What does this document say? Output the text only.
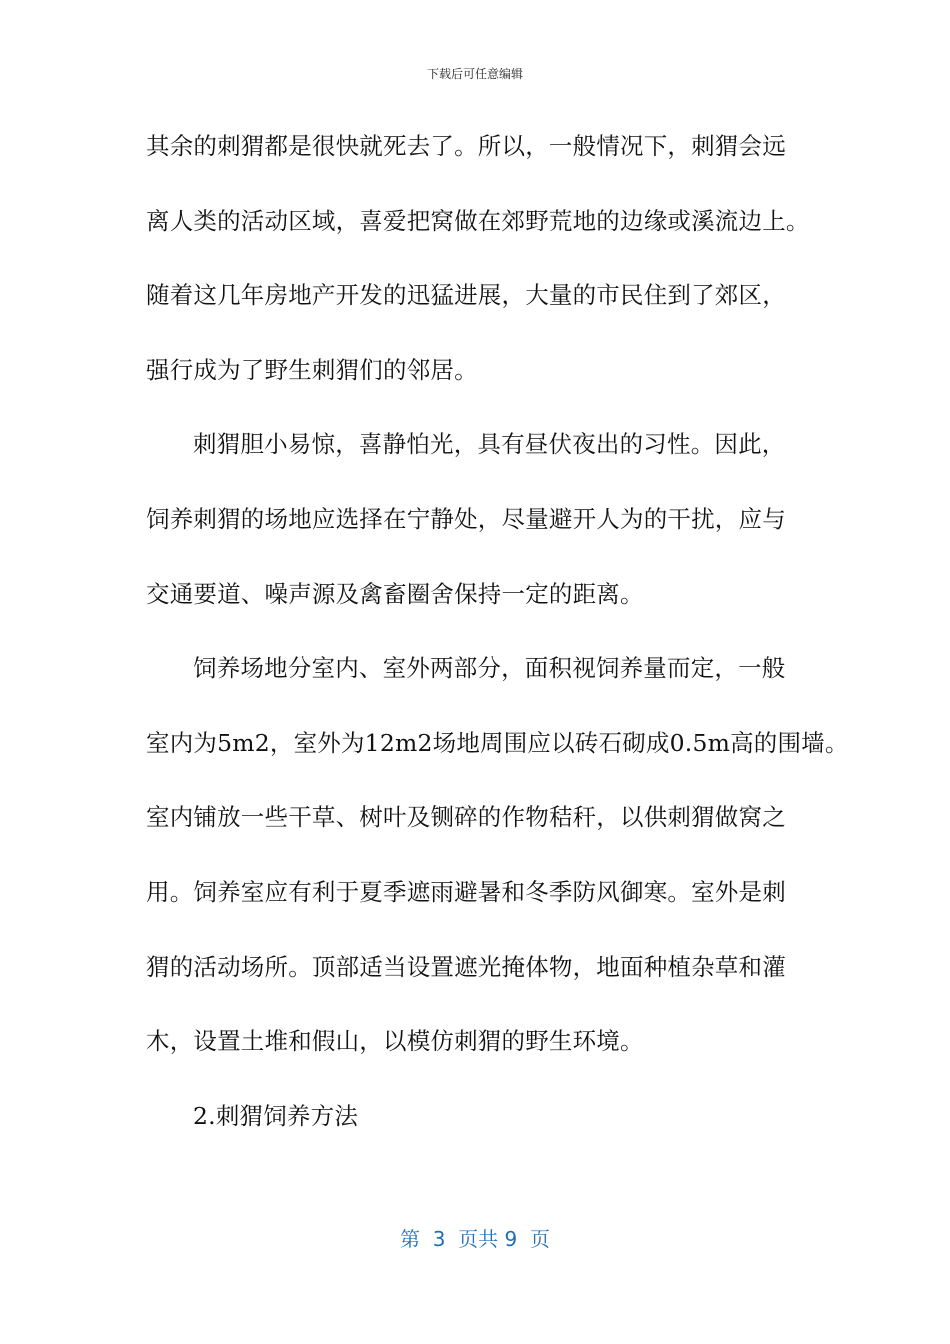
下载后可任意编辑
其余的刺猬都是很快就死去了。所以，一般情况下，刺猬会远
离人类的活动区域，喜爱把窝做在郊野荒地的边缘或溪流边上。
随着这几年房地产开发的迅猛进展，大量的市民住到了郊区，
强行成为了野生刺猬们的邻居。
刺猬胆小易惊，喜静怕光，具有昼伏夜出的习性。因此，
饲养刺猬的场地应选择在宁静处，尽量避开人为的干扰，应与
交通要道、噪声源及禽畜圈舍保持一定的距离。
饲养场地分室内、室外两部分，面积视饲养量而定，一般
室内为5m2，室外为12m2场地周围应以砖石砌成0.5m高的围墙。
室内铺放一些干草、树叶及铡碎的作物秸秆，以供刺猬做窝之
用。饲养室应有利于夏季遮雨避暑和冬季防风御寒。室外是刺
猬的活动场所。顶部适当设置遮光掩体物，地面种植杂草和灌
木，设置土堆和假山，以模仿刺猬的野生环境。
2.刺猬饲养方法
第  3  页共 9  页
